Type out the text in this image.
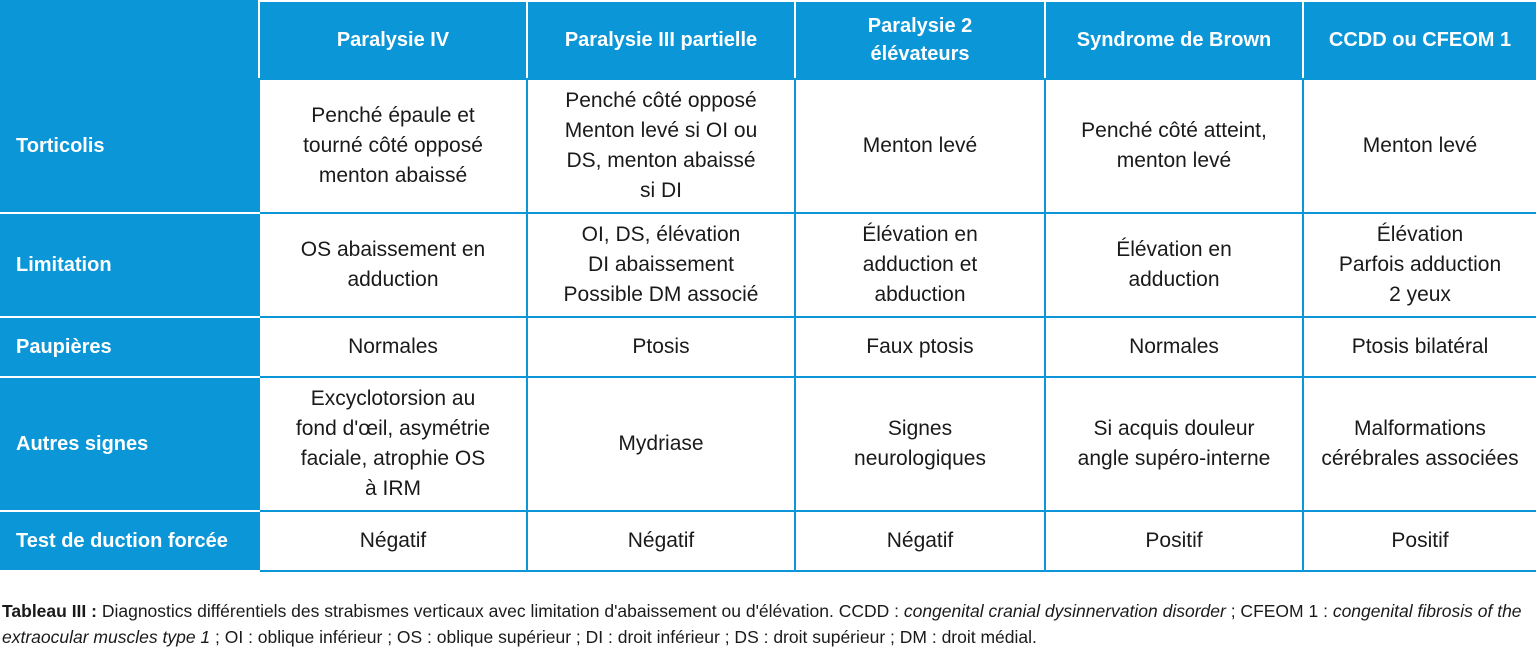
	Paralysie IV	Paralysie III partielle	Paralysie 2
élévateurs	Syndrome de Brown	CCDD ou CFEOM 1
Torticolis	Penché épaule et
tourné côté opposé
menton abaissé	Penché côté opposé
Menton levé si OI ou
DS, menton abaissé
si DI	Menton levé	Penché côté atteint,
menton levé	Menton levé
Limitation	OS abaissement en
adduction	OI, DS, élévation
DI abaissement
Possible DM associé	Élévation en
adduction et
abduction	Élévation en
adduction	Élévation
Parfois adduction
2 yeux
Paupières	Normales	Ptosis	Faux ptosis	Normales	Ptosis bilatéral
Autres signes	Excyclotorsion au
fond d'œil, asymétrie
faciale, atrophie OS
à IRM	Mydriase	Signes
neurologiques	Si acquis douleur
angle supéro-interne	Malformations
cérébrales associées
Test de duction forcée	Négatif	Négatif	Négatif	Positif	Positif
Tableau III : Diagnostics différentiels des strabismes verticaux avec limitation d'abaissement ou d'élévation. CCDD : congenital cranial dysinnervation disorder ; CFEOM 1 : congenital fibrosis of the extraocular muscles type 1 ; OI : oblique inférieur ; OS : oblique supérieur ; DI : droit inférieur ; DS : droit supérieur ; DM : droit médial.
